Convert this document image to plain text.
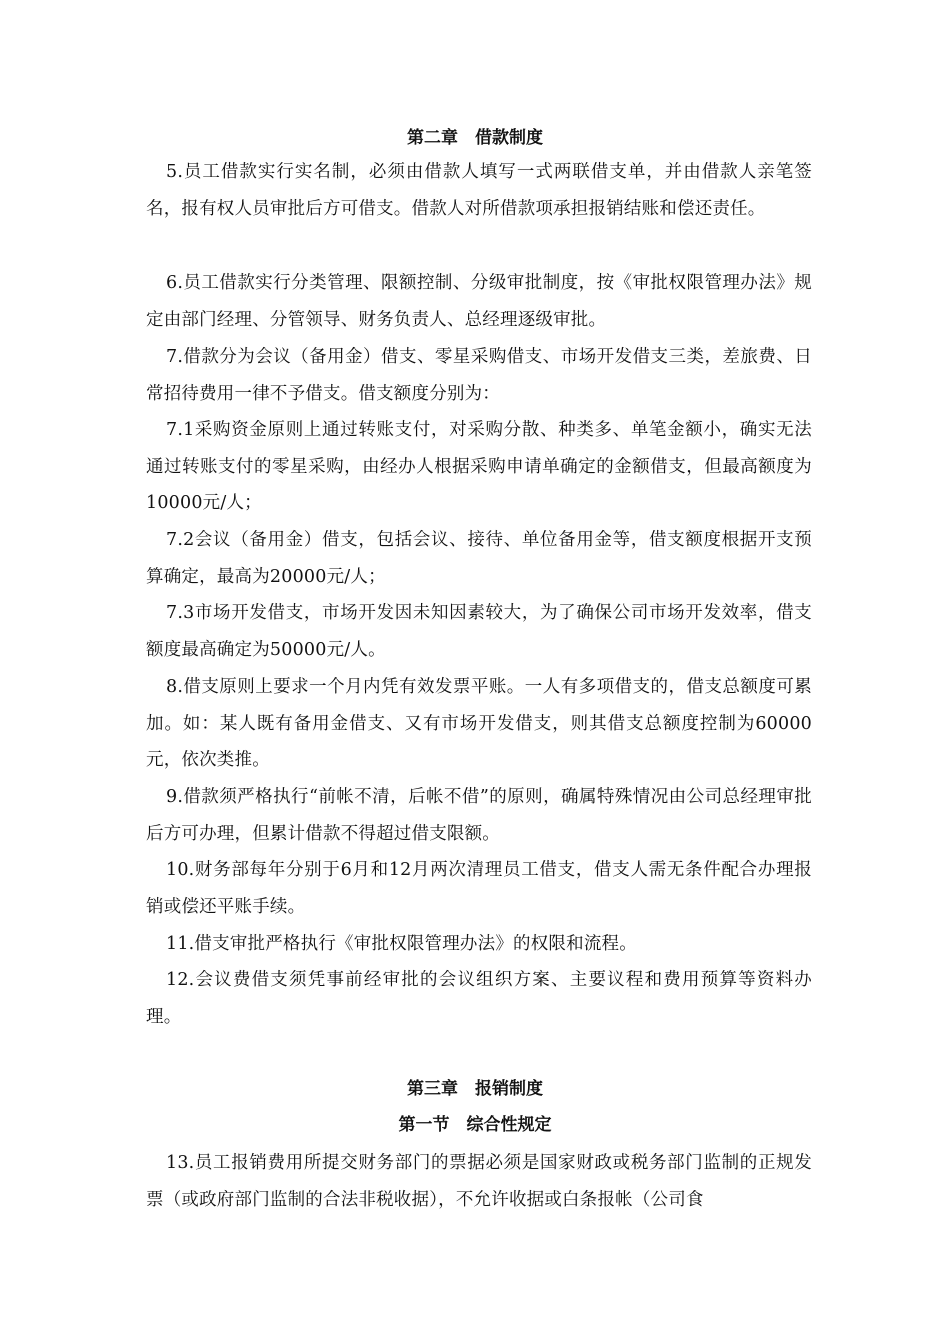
第二章　借款制度
5.员工借款实行实名制，必须由借款人填写一式两联借支单，并由借款人亲笔签名，报有权人员审批后方可借支。借款人对所借款项承担报销结账和偿还责任。
6.员工借款实行分类管理、限额控制、分级审批制度，按《审批权限管理办法》规定由部门经理、分管领导、财务负责人、总经理逐级审批。
7.借款分为会议（备用金）借支、零星采购借支、市场开发借支三类，差旅费、日常招待费用一律不予借支。借支额度分别为：
7.1采购资金原则上通过转账支付，对采购分散、种类多、单笔金额小，确实无法通过转账支付的零星采购，由经办人根据采购申请单确定的金额借支，但最高额度为10000元/人；
7.2会议（备用金）借支，包括会议、接待、单位备用金等，借支额度根据开支预算确定，最高为20000元/人；
7.3市场开发借支，市场开发因未知因素较大，为了确保公司市场开发效率，借支额度最高确定为50000元/人。
8.借支原则上要求一个月内凭有效发票平账。一人有多项借支的，借支总额度可累加。如：某人既有备用金借支、又有市场开发借支，则其借支总额度控制为60000元，依次类推。
9.借款须严格执行“前帐不清，后帐不借”的原则，确属特殊情况由公司总经理审批后方可办理，但累计借款不得超过借支限额。
10.财务部每年分别于6月和12月两次清理员工借支，借支人需无条件配合办理报销或偿还平账手续。
11.借支审批严格执行《审批权限管理办法》的权限和流程。
12.会议费借支须凭事前经审批的会议组织方案、主要议程和费用预算等资料办理。
第三章　报销制度
第一节　综合性规定
13.员工报销费用所提交财务部门的票据必须是国家财政或税务部门监制的正规发票（或政府部门监制的合法非税收据），不允许收据或白条报帐（公司食
